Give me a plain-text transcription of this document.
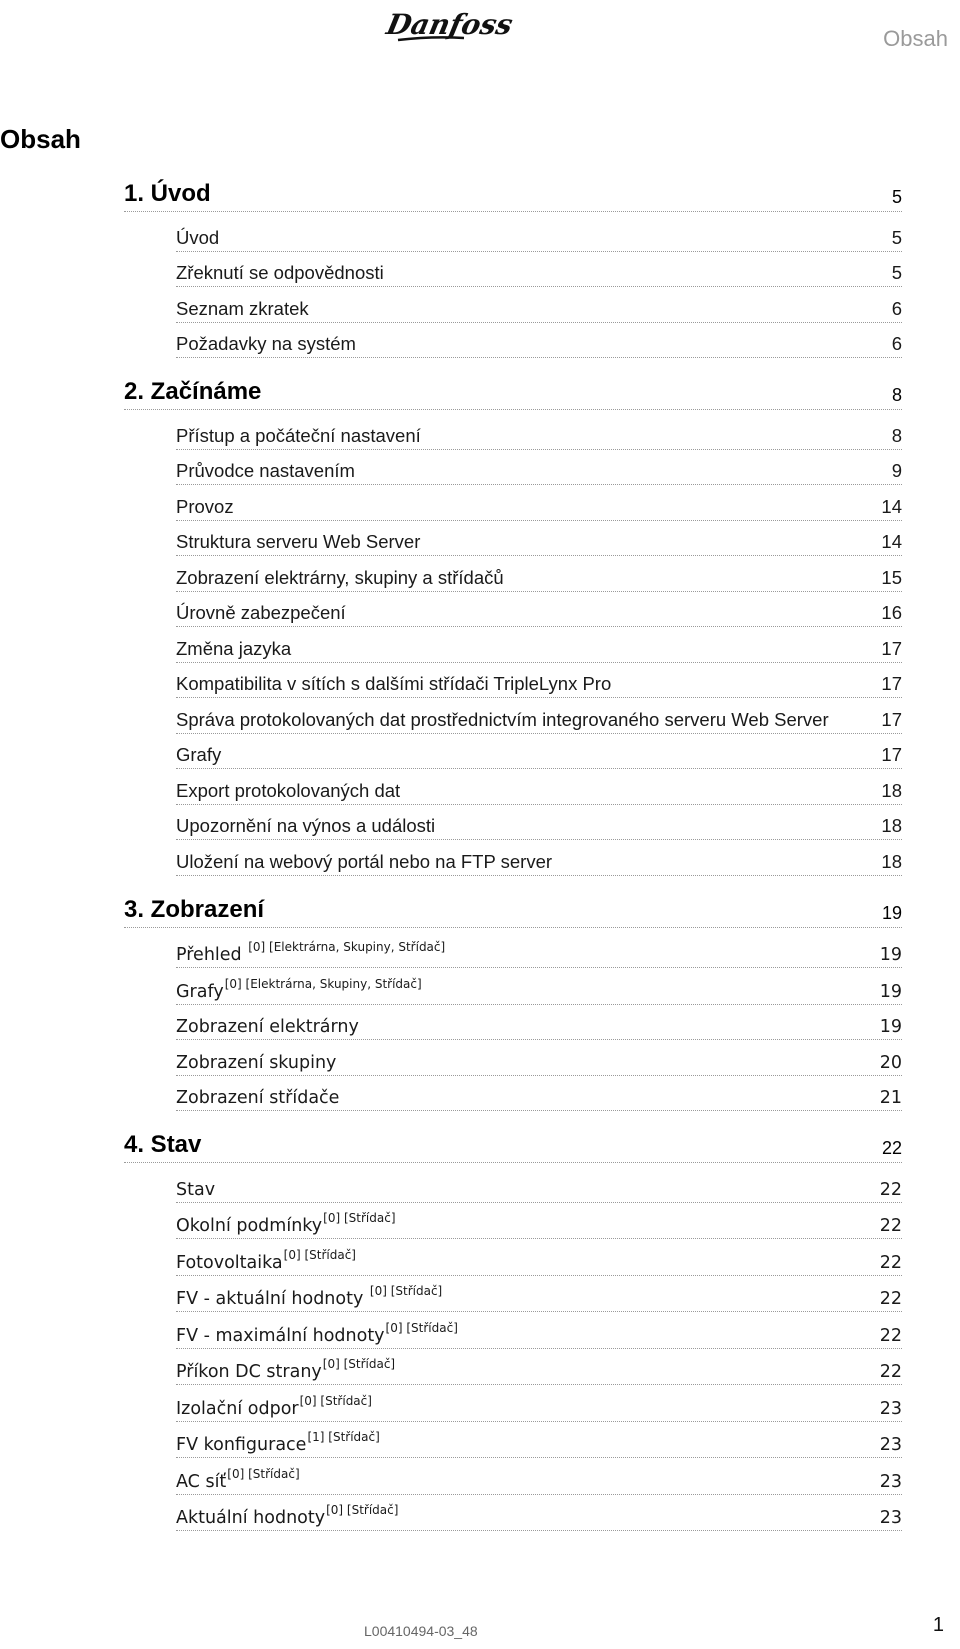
Danfoss	Obsah
Obsah
1. Úvod	5
Úvod	5
Zřeknutí se odpovědnosti	5
Seznam zkratek	6
Požadavky na systém	6
2. Začínáme	8
Přístup a počáteční nastavení	8
Průvodce nastavením	9
Provoz	14
Struktura serveru Web Server	14
Zobrazení elektrárny, skupiny a střídačů	15
Úrovně zabezpečení	16
Změna jazyka	17
Kompatibilita v sítích s dalšími střídači TripleLynx Pro	17
Správa protokolovaných dat prostřednictvím integrovaného serveru Web Server	17
Grafy	17
Export protokolovaných dat	18
Upozornění na výnos a události	18
Uložení na webový portál nebo na FTP server	18
3. Zobrazení	19
Přehled [0] [Elektrárna, Skupiny, Střídač]	19
Grafy[0] [Elektrárna, Skupiny, Střídač]	19
Zobrazení elektrárny	19
Zobrazení skupiny	20
Zobrazení střídače	21
4. Stav	22
Stav	22
Okolní podmínky[0] [Střídač]	22
Fotovoltaika[0] [Střídač]	22
FV - aktuální hodnoty [0] [Střídač]	22
FV - maximální hodnoty[0] [Střídač]	22
Příkon DC strany[0] [Střídač]	22
Izolační odpor[0] [Střídač]	23
FV konfigurace[1] [Střídač]	23
AC síť[0] [Střídač]	23
Aktuální hodnoty[0] [Střídač]	23
L00410494-03_48	1
